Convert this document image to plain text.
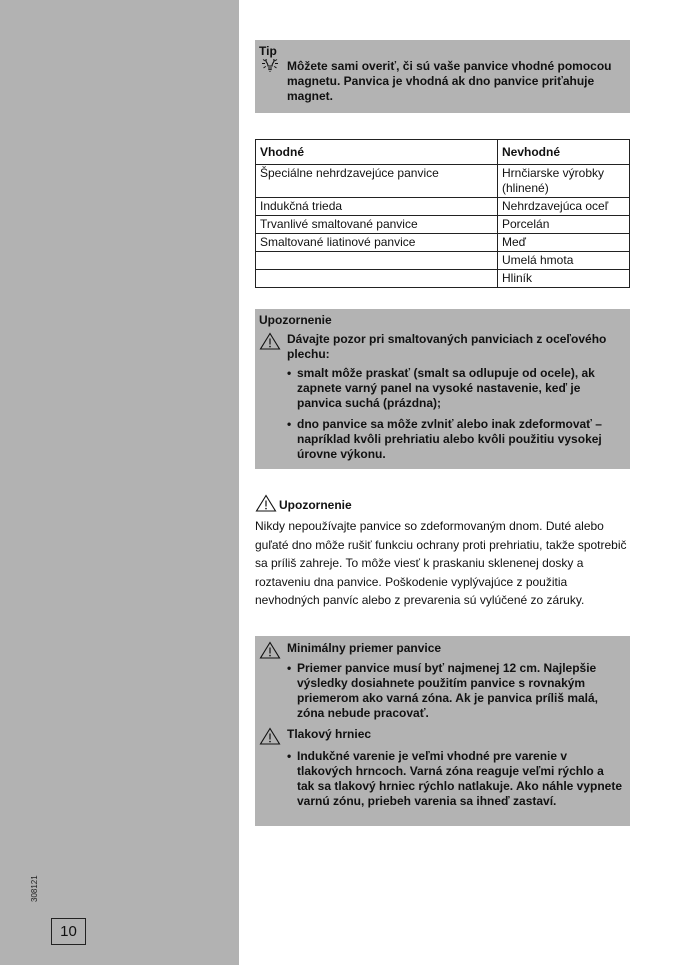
308121
10
Tip
Môžete sami overiť, či sú vaše panvice vhodné pomocou magnetu. Panvica je vhodná ak dno panvice priťahuje magnet.
Vhodné	Nevhodné
Špeciálne nehrdzavejúce panvice	Hrnčiarske výrobky (hlinené)
Indukčná trieda	Nehrdzavejúca oceľ
Trvanlivé smaltované panvice	Porcelán
Smaltované liatinové panvice	Meď
	Umelá hmota
	Hliník
Upozornenie
Dávajte pozor pri smaltovaných panviciach z oceľového plechu:
• smalt môže praskať (smalt sa odlupuje od ocele), ak zapnete varný panel na vysoké nastavenie, keď je panvica suchá (prázdna);
• dno panvice sa môže zvlniť alebo inak zdeformovať – napríklad kvôli prehriatiu alebo kvôli použitiu vysokej úrovne výkonu.
Upozornenie
Nikdy nepoužívajte panvice so zdeformovaným dnom. Duté alebo guľaté dno môže rušiť funkciu ochrany proti prehriatiu, takže spotrebič sa príliš zahreje. To môže viesť k praskaniu sklenenej dosky a roztaveniu dna panvice. Poškodenie vyplývajúce z použitia nevhodných panvíc alebo z prevarenia sú vylúčené zo záruky.
Minimálny priemer panvice
• Priemer panvice musí byť najmenej 12 cm. Najlepšie výsledky dosiahnete použitím panvice s rovnakým priemerom ako varná zóna. Ak je panvica príliš malá, zóna nebude pracovať.
Tlakový hrniec
• Indukčné varenie je veľmi vhodné pre varenie v tlakových hrncoch. Varná zóna reaguje veľmi rýchlo a tak sa tlakový hrniec rýchlo natlakuje. Ako náhle vypnete varnú zónu, priebeh varenia sa ihneď zastaví.
